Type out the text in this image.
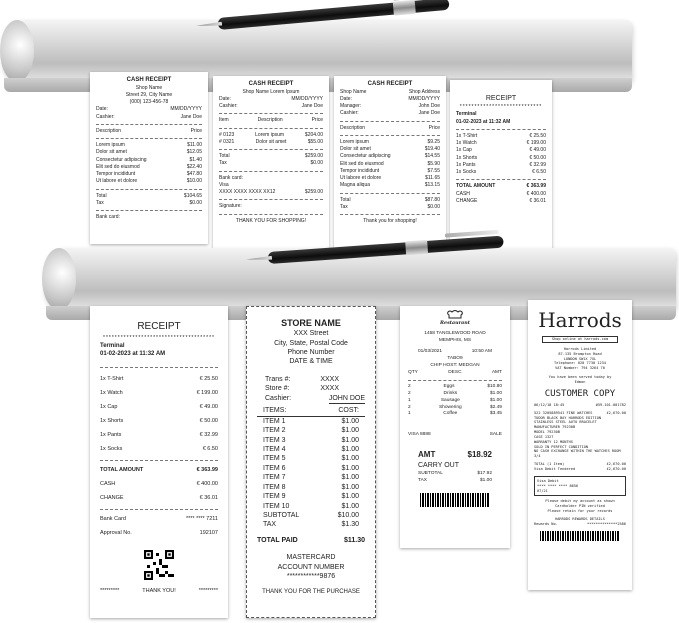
CASH RECEIPT
Shop Name
Street 29, City Name
(000) 123-456-78
Date:	MM/DD/YYYY
Cashier:	Jane Doe
Description	Price
Lorem ipsum	$11.00
Dolor sit amet	$12.05
Consectetur adipiscing	$1.40
Elit sed do eiusmod	$22.40
Tempor incididunt	$47.80
Ut labore et dolore	$10.00
Total	$104.65
Tax	$0.00
Bank card:
CASH RECEIPT
Shop Name Lorem Ipsum
Date:	MM/DD/YYYY
Cashier:	Jane Doe
Item	Description	Price
# 0123	Lorem ipsum	$204.00
# 0321	Dolor sit amet	$55.00
Total	$259.00
Tax	$0.00
Bank card:
Visa
XXXX XXXX XXXX XX12	$259.00
Signature:
THANK YOU FOR SHOPPING!
CASH RECEIPT
Shop Name	Shop Address
Date:	MM/DD/YYYY
Manager:	John Doe
Cashier:	Jane Doe
Description	Price
Lorem ipsum	$9.25
Dolor sit amet	$19.40
Consectetur adipiscing	$14.55
Elit sed do eiusmod	$5.90
Tempor incididunt	$7.55
Ut labore et dolore	$11.65
Magna aliqua	$13.15
Total	$87.80
Tax	$0.00
Thank you for shopping!
RECEIPT
****************************
Terminal
01-02-2023 at 11:32 AM
1x T-Shirt	€ 25.50
1x Watch	€ 199.00
1x Cap	€ 49.00
1x Shorts	€ 50.00
1x Pants	€ 32.99
1x Socks	€ 6.50
TOTAL AMOUNT	€ 363.99
CASH	€ 400.00
CHANGE	€ 36.01
RECEIPT
**************************************
Terminal
01-02-2023 at 11:32 AM
1x T-Shirt	€ 25.50
1x Watch	€ 199.00
1x Cap	€ 49.00
1x Shorts	€ 50.00
1x Pants	€ 32.99
1x Socks	€ 6.50
TOTAL AMOUNT	€ 363.99
CASH	€ 400.00
CHANGE	€ 36.01
Bank Card	**** **** 7211
Approval No.	192107
*********	THANK YOU!	*********
STORE NAME
XXX Street
City, State, Postal Code
Phone Number
DATE & TIME
Trans #:	XXXX
Store #:	XXXX
Cashier:	JOHN DOE
ITEMS:	COST:
ITEM 1	$1.00
ITEM 2	$1.00
ITEM 3	$1.00
ITEM 4	$1.00
ITEM 5	$1.00
ITEM 6	$1.00
ITEM 7	$1.00
ITEM 8	$1.00
ITEM 9	$1.00
ITEM 10	$1.00
SUBTOTAL	$10.00
TAX	$1.30
TOTAL PAID	$11.30
MASTERCARD
ACCOUNT NUMBER
************9876
THANK YOU FOR THE PURCHASE
Restaurant
1458 TANGLEWOOD ROAD
MEMPHIS, MS
01/03/2021	10:50 AM
TABO9
CHIP HOST: MEDGAN
QTY	DESC	AMT
2	Eggs	$10.80
2	Drinks	$1.00
1	Sausage	$1.00
2	Showering	$2.49
1	Coffee	$3.45
VISA 8888	SALE
AMT	$18.92
CARRY OUT
SUBTOTAL	$17.92
TAX	$1.00
Harrods
Shop online at harrods.com
Harrods Limited
87-135 Brompton Road
LONDON SW1X 7XL
Telephone: 020 7730 1234
VAT Number: 794 3264 70
You have been served today by
Edmon
CUSTOMER COPY
06/12/18 18:45	#59-101-001782
522 3205889541 FINE WATCHES	£2,670.00
TUDOR BLACK BAY HARRODS EDITION
STAINLESS STEEL AUTO BRACELET
MANUFACTURER 79230B
MODEL 79230B
CASE 1327
WARRANTY 12 MONTHS
SOLD IN PERFECT CONDITION
NO CASH EXCHANGE WITHIN THE WATCHES ROOM 3/4
TOTAL (1 Item)	£2,670.00
Visa Debit Tendered	£2,670.00
Visa Debit
**** **** **** 8656
07/21
Please debit my account as shown
Cardholder PIN verified
Please retain for your records
HARRODS REWARDS DETAILS
Rewards No.	**************2586
